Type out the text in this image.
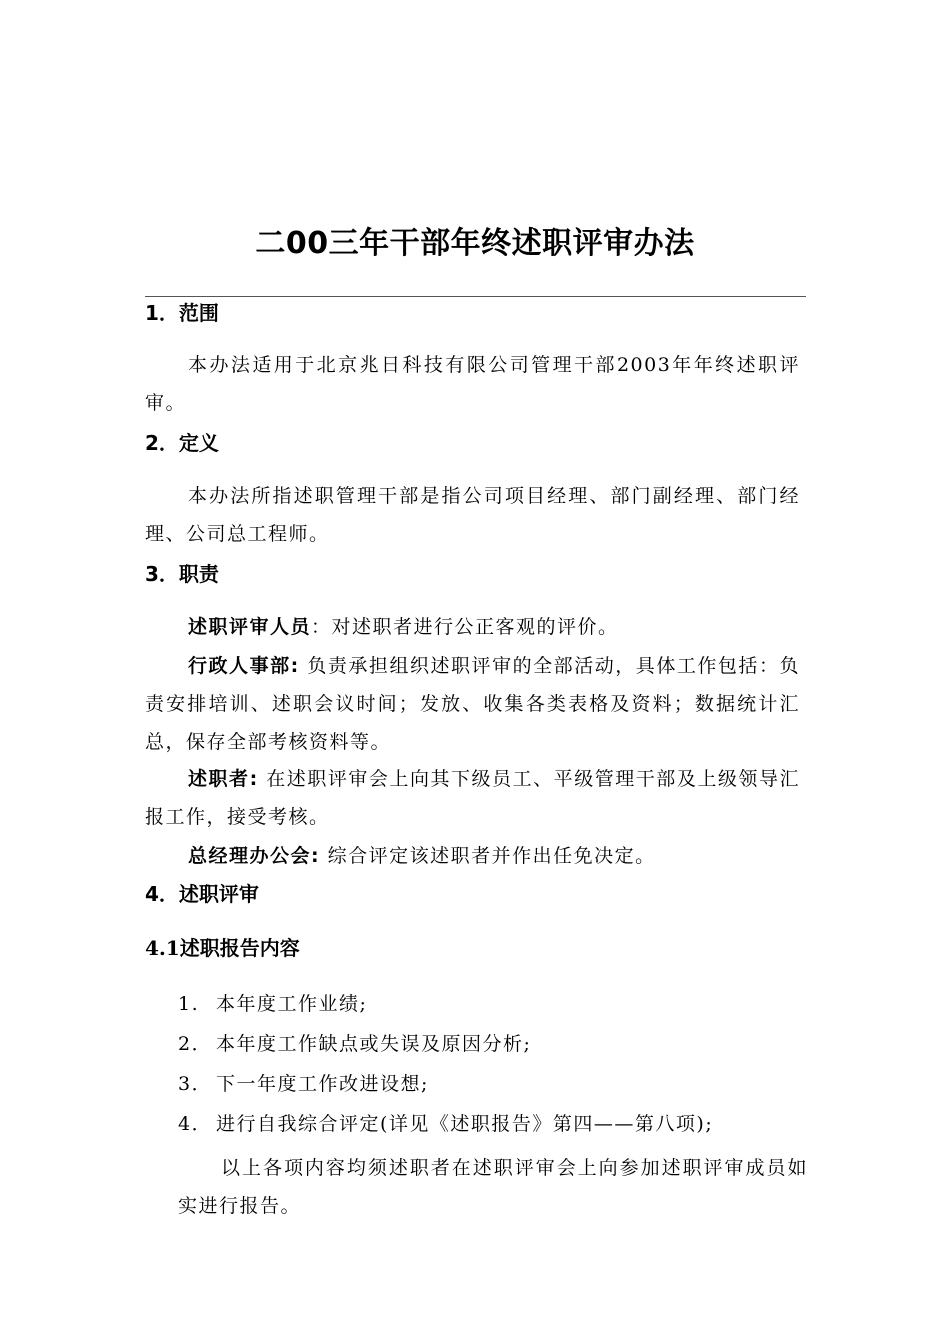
二00三年干部年终述职评审办法
1．范围
本办法适用于北京兆日科技有限公司管理干部2003年年终述职评审。
2．定义
本办法所指述职管理干部是指公司项目经理、部门副经理、部门经理、公司总工程师。
3．职责
述职评审人员：对述职者进行公正客观的评价。
行政人事部: 负责承担组织述职评审的全部活动，具体工作包括：负责安排培训、述职会议时间；发放、收集各类表格及资料；数据统计汇总，保存全部考核资料等。
述职者: 在述职评审会上向其下级员工、平级管理干部及上级领导汇报工作，接受考核。
总经理办公会: 综合评定该述职者并作出任免决定。
4．述职评审
4.1述职报告内容
1. 本年度工作业绩;
2． 本年度工作缺点或失误及原因分析;
3． 下一年度工作改进设想;
4． 进行自我综合评定(详见《述职报告》第四——第八项);
以上各项内容均须述职者在述职评审会上向参加述职评审成员如实进行报告。
